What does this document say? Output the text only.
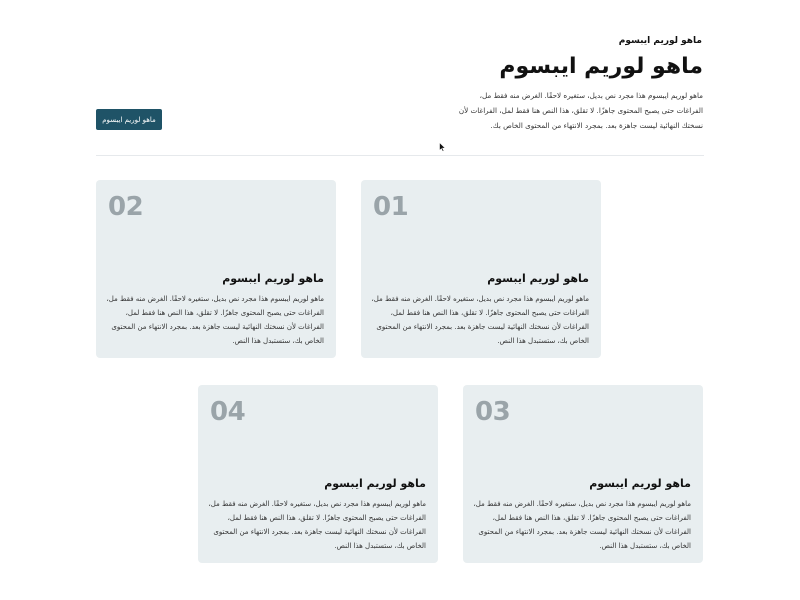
ماهو لوريم ايبسوم
ماهو لوريم ايبسوم

ماهو لوريم ايبسوم هذا مجرد نص بديل، ستغيره لاحقًا. الغرض منه فقط مل، الفراغات حتى يصبح المحتوى جاهزًا. لا تقلق، هذا النص هنا فقط لمل، الفراغات لأن نسختك النهائية ليست جاهزة بعد. بمجرد الانتهاء من المحتوى الخاص بك.

ماهو لوريم ايبسوم
01
ماهو لوريم ايبسوم

ماهو لوريم ايبسوم هذا مجرد نص بديل، ستغيره لاحقًا. الغرض منه فقط مل، الفراغات حتى يصبح المحتوى جاهزًا. لا تقلق، هذا النص هنا فقط لمل، الفراغات لأن نسختك النهائية ليست جاهزة بعد. بمجرد الانتهاء من المحتوى الخاص بك، ستستبدل هذا النص.

02
ماهو لوريم ايبسوم

ماهو لوريم ايبسوم هذا مجرد نص بديل، ستغيره لاحقًا. الغرض منه فقط مل، الفراغات حتى يصبح المحتوى جاهزًا. لا تقلق، هذا النص هنا فقط لمل، الفراغات لأن نسختك النهائية ليست جاهزة بعد. بمجرد الانتهاء من المحتوى الخاص بك، ستستبدل هذا النص.

03
ماهو لوريم ايبسوم

ماهو لوريم ايبسوم هذا مجرد نص بديل، ستغيره لاحقًا. الغرض منه فقط مل، الفراغات حتى يصبح المحتوى جاهزًا. لا تقلق، هذا النص هنا فقط لمل، الفراغات لأن نسختك النهائية ليست جاهزة بعد. بمجرد الانتهاء من المحتوى الخاص بك، ستستبدل هذا النص.

04
ماهو لوريم ايبسوم

ماهو لوريم ايبسوم هذا مجرد نص بديل، ستغيره لاحقًا. الغرض منه فقط مل، الفراغات حتى يصبح المحتوى جاهزًا. لا تقلق، هذا النص هنا فقط لمل، الفراغات لأن نسختك النهائية ليست جاهزة بعد. بمجرد الانتهاء من المحتوى الخاص بك، ستستبدل هذا النص.
